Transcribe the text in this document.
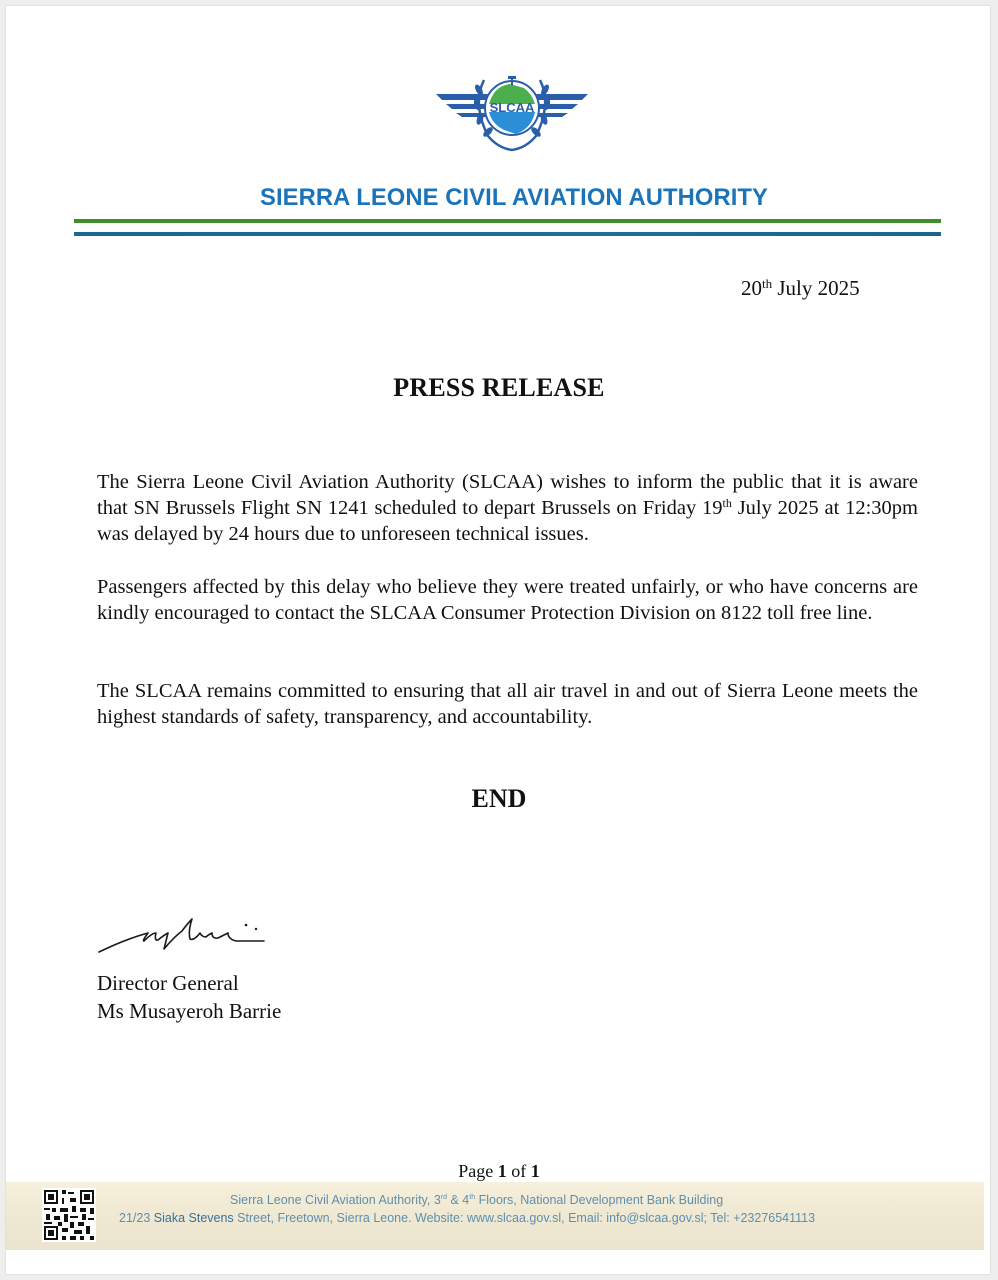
SLCAA
SIERRA LEONE CIVIL AVIATION AUTHORITY
20th July 2025
PRESS RELEASE
The Sierra Leone Civil Aviation Authority (SLCAA) wishes to inform the public that it is aware that SN Brussels Flight SN 1241 scheduled to depart Brussels on Friday 19th July 2025 at 12:30pm was delayed by 24 hours due to unforeseen technical issues.
Passengers affected by this delay who believe they were treated unfairly, or who have concerns are kindly encouraged to contact the SLCAA Consumer Protection Division on 8122 toll free line.
The SLCAA remains committed to ensuring that all air travel in and out of Sierra Leone meets the highest standards of safety, transparency, and accountability.
END
Director General
Ms Musayeroh Barrie
Page 1 of 1
Sierra Leone Civil Aviation Authority, 3rd & 4th Floors, National Development Bank Building
21/23 Siaka Stevens Street, Freetown, Sierra Leone. Website: www.slcaa.gov.sl, Email: info@slcaa.gov.sl; Tel: +23276541113
